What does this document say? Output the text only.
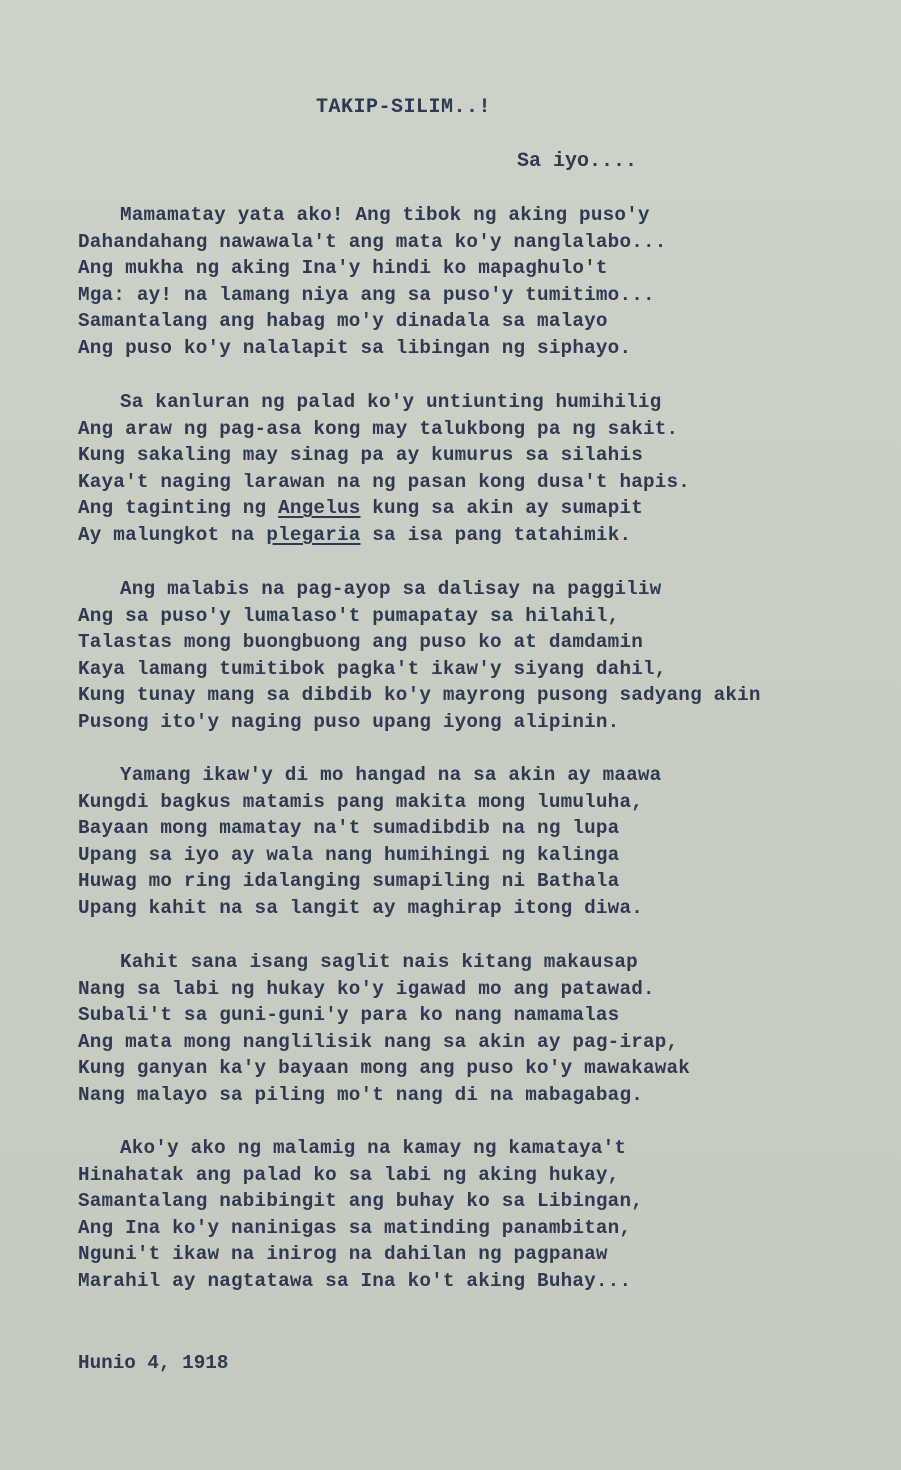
TAKIP-SILIM..!
Sa iyo....
Mamamatay yata ako! Ang tibok ng aking puso'y
Dahandahang nawawala't ang mata ko'y nanglalabo...
Ang mukha ng aking Ina'y hindi ko mapaghulo't
Mga: ay! na lamang niya ang sa puso'y tumitimo...
Samantalang ang habag mo'y dinadala sa malayo
Ang puso ko'y nalalapit sa libingan ng siphayo.
Sa kanluran ng palad ko'y untiunting humihilig
Ang araw ng pag-asa kong may talukbong pa ng sakit.
Kung sakaling may sinag pa ay kumurus sa silahis
Kaya't naging larawan na ng pasan kong dusa't hapis.
Ang taginting ng Angelus kung sa akin ay sumapit
Ay malungkot na plegaria sa isa pang tatahimik.
Ang malabis na pag-ayop sa dalisay na paggiliw
Ang sa puso'y lumalaso't pumapatay sa hilahil,
Talastas mong buongbuong ang puso ko at damdamin
Kaya lamang tumitibok pagka't ikaw'y siyang dahil,
Kung tunay mang sa dibdib ko'y mayrong pusong sadyang akin
Pusong ito'y naging puso upang iyong alipinin.
Yamang ikaw'y di mo hangad na sa akin ay maawa
Kungdi bagkus matamis pang makita mong lumuluha,
Bayaan mong mamatay na't sumadibdib na ng lupa
Upang sa iyo ay wala nang humihingi ng kalinga
Huwag mo ring idalanging sumapiling ni Bathala
Upang kahit na sa langit ay maghirap itong diwa.
Kahit sana isang saglit nais kitang makausap
Nang sa labi ng hukay ko'y igawad mo ang patawad.
Subali't sa guni-guni'y para ko nang namamalas
Ang mata mong nanglilisik nang sa akin ay pag-irap,
Kung ganyan ka'y bayaan mong ang puso ko'y mawakawak
Nang malayo sa piling mo't nang di na mabagabag.
Ako'y ako ng malamig na kamay ng kamataya't
Hinahatak ang palad ko sa labi ng aking hukay,
Samantalang nabibingit ang buhay ko sa Libingan,
Ang Ina ko'y naninigas sa matinding panambitan,
Nguni't ikaw na inirog na dahilan ng pagpanaw
Marahil ay nagtatawa sa Ina ko't aking Buhay...
Hunio 4, 1918
